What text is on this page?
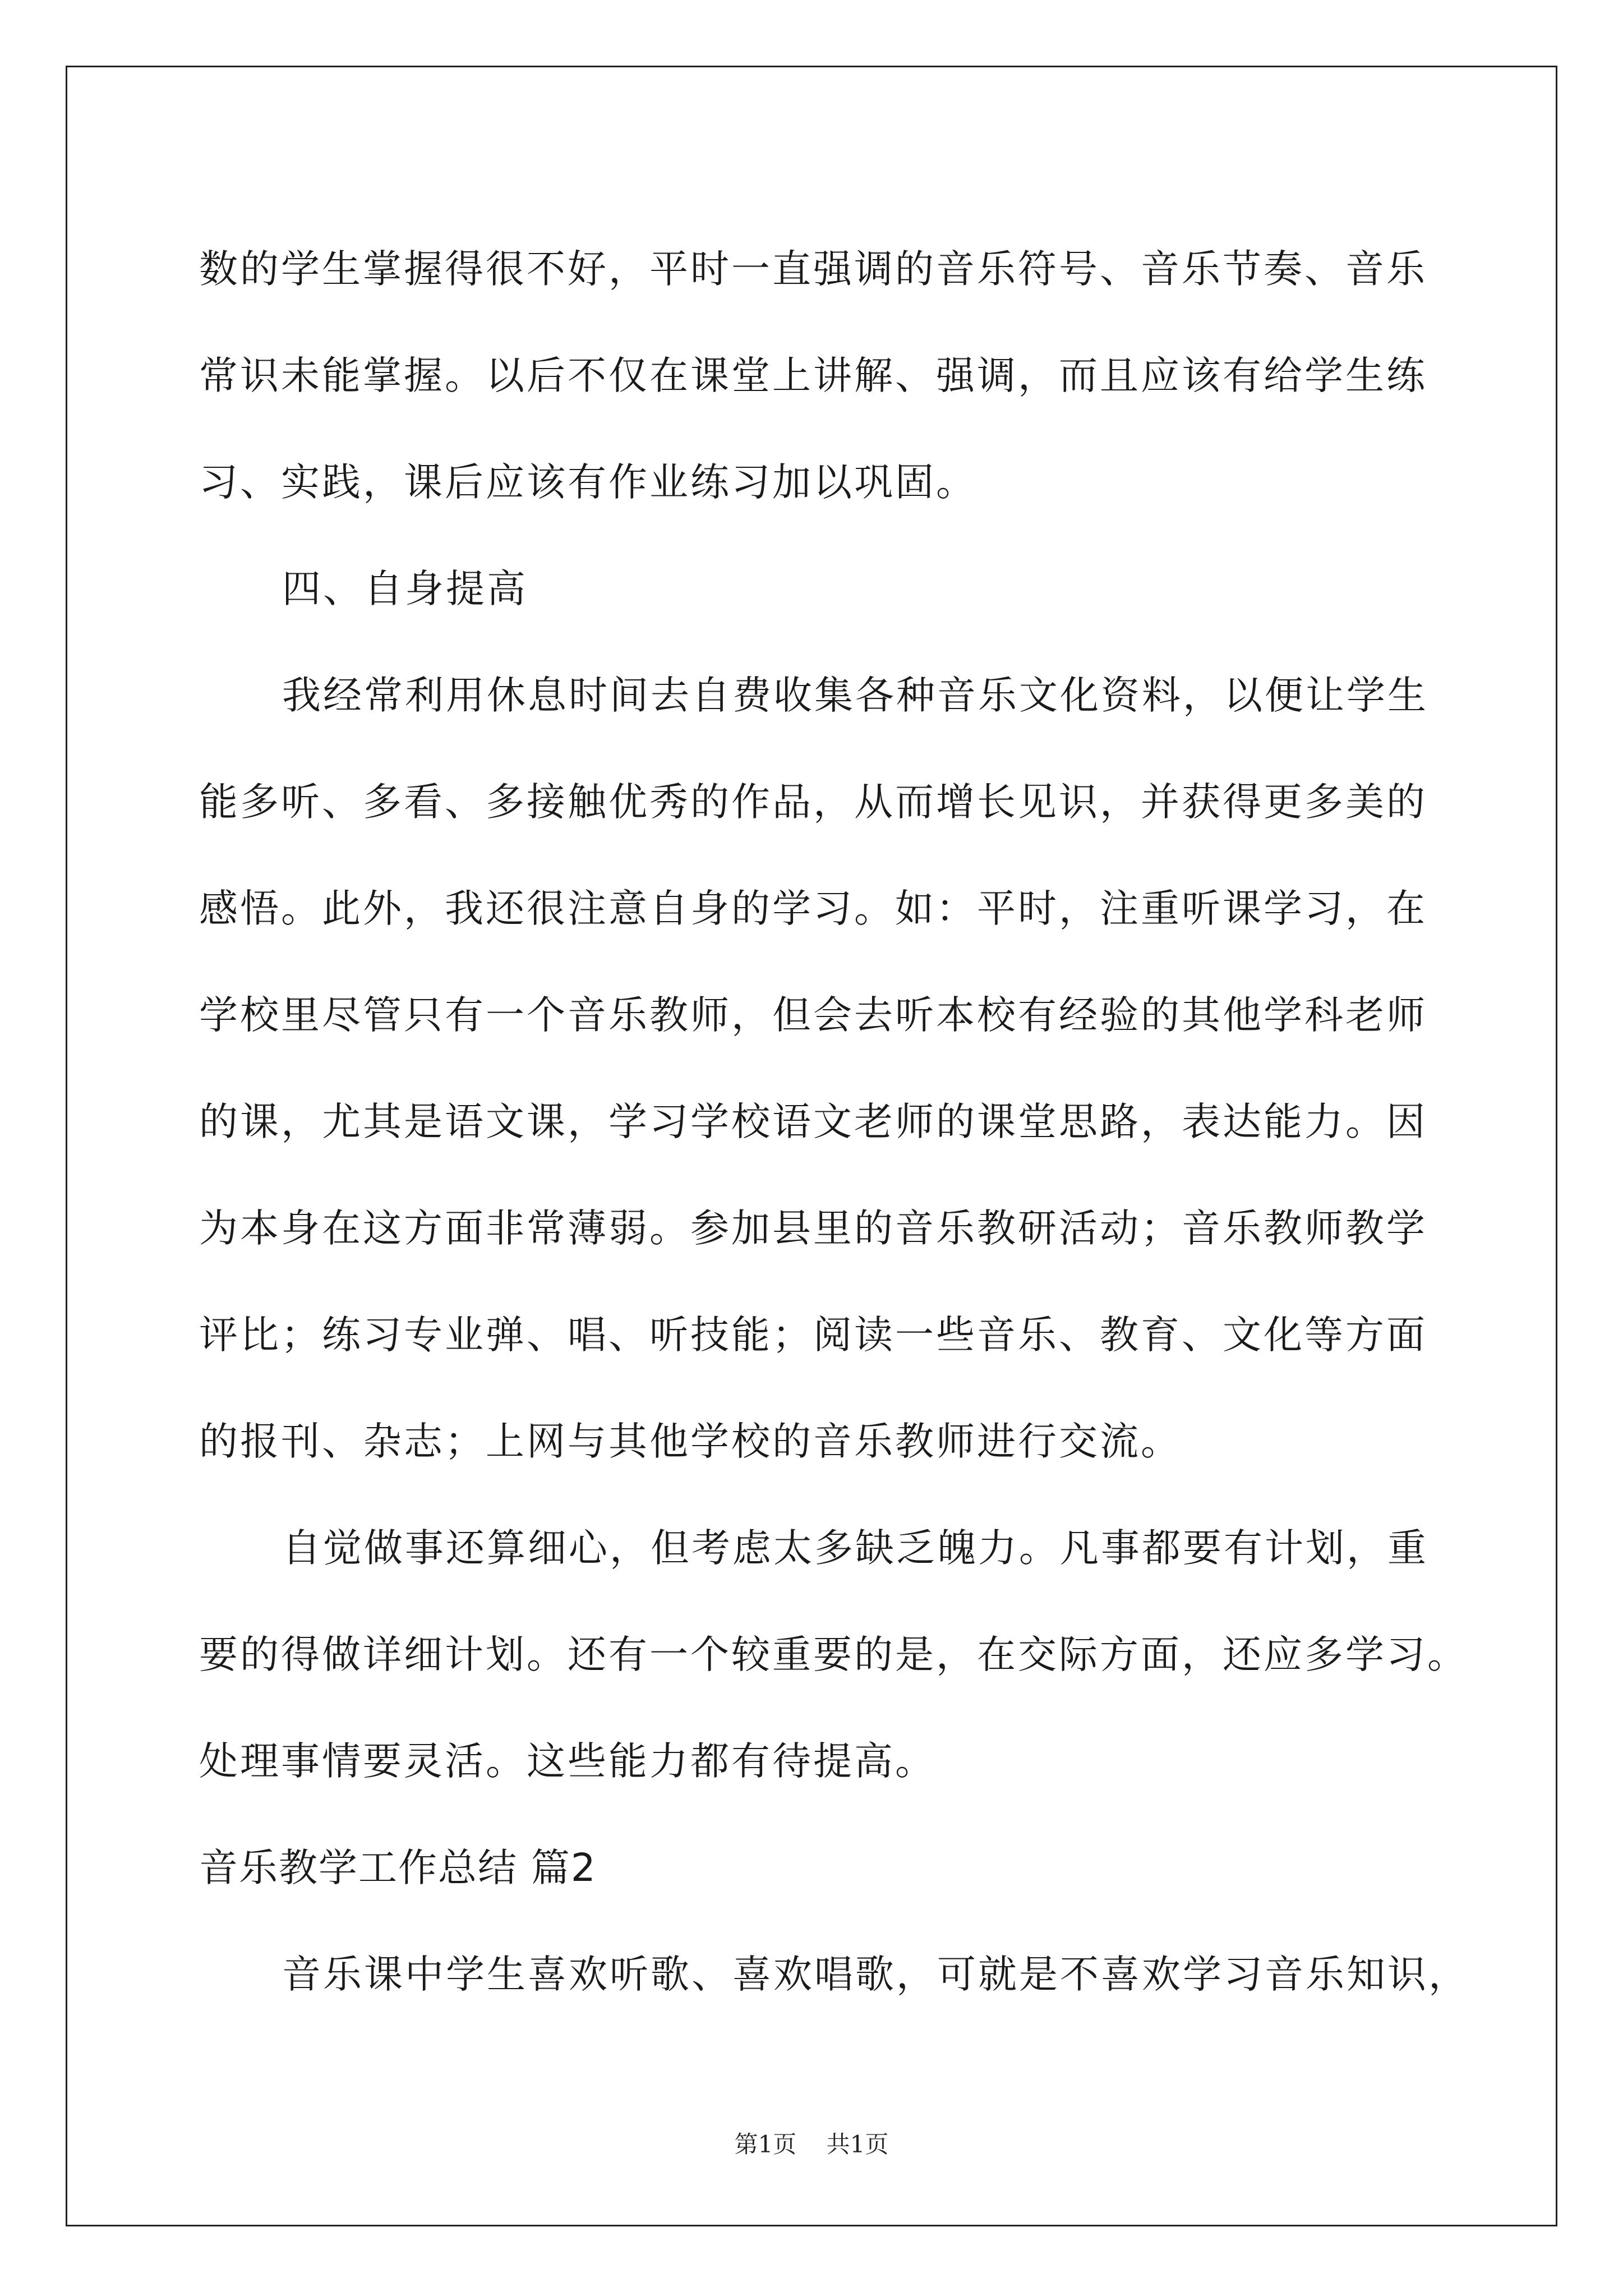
数的学生掌握得很不好，平时一直强调的音乐符号、音乐节奏、音乐
常识未能掌握。以后不仅在课堂上讲解、强调，而且应该有给学生练
习、实践，课后应该有作业练习加以巩固。
四、自身提高
我经常利用休息时间去自费收集各种音乐文化资料，以便让学生
能多听、多看、多接触优秀的作品，从而增长见识，并获得更多美的
感悟。此外，我还很注意自身的学习。如：平时，注重听课学习，在
学校里尽管只有一个音乐教师，但会去听本校有经验的其他学科老师
的课，尤其是语文课，学习学校语文老师的课堂思路，表达能力。因
为本身在这方面非常薄弱。参加县里的音乐教研活动；音乐教师教学
评比；练习专业弹、唱、听技能；阅读一些音乐、教育、文化等方面
的报刊、杂志；上网与其他学校的音乐教师进行交流。
自觉做事还算细心，但考虑太多缺乏魄力。凡事都要有计划，重
要的得做详细计划。还有一个较重要的是，在交际方面，还应多学习。
处理事情要灵活。这些能力都有待提高。
音乐教学工作总结 篇2
音乐课中学生喜欢听歌、喜欢唱歌，可就是不喜欢学习音乐知识，
第1页 共1页
